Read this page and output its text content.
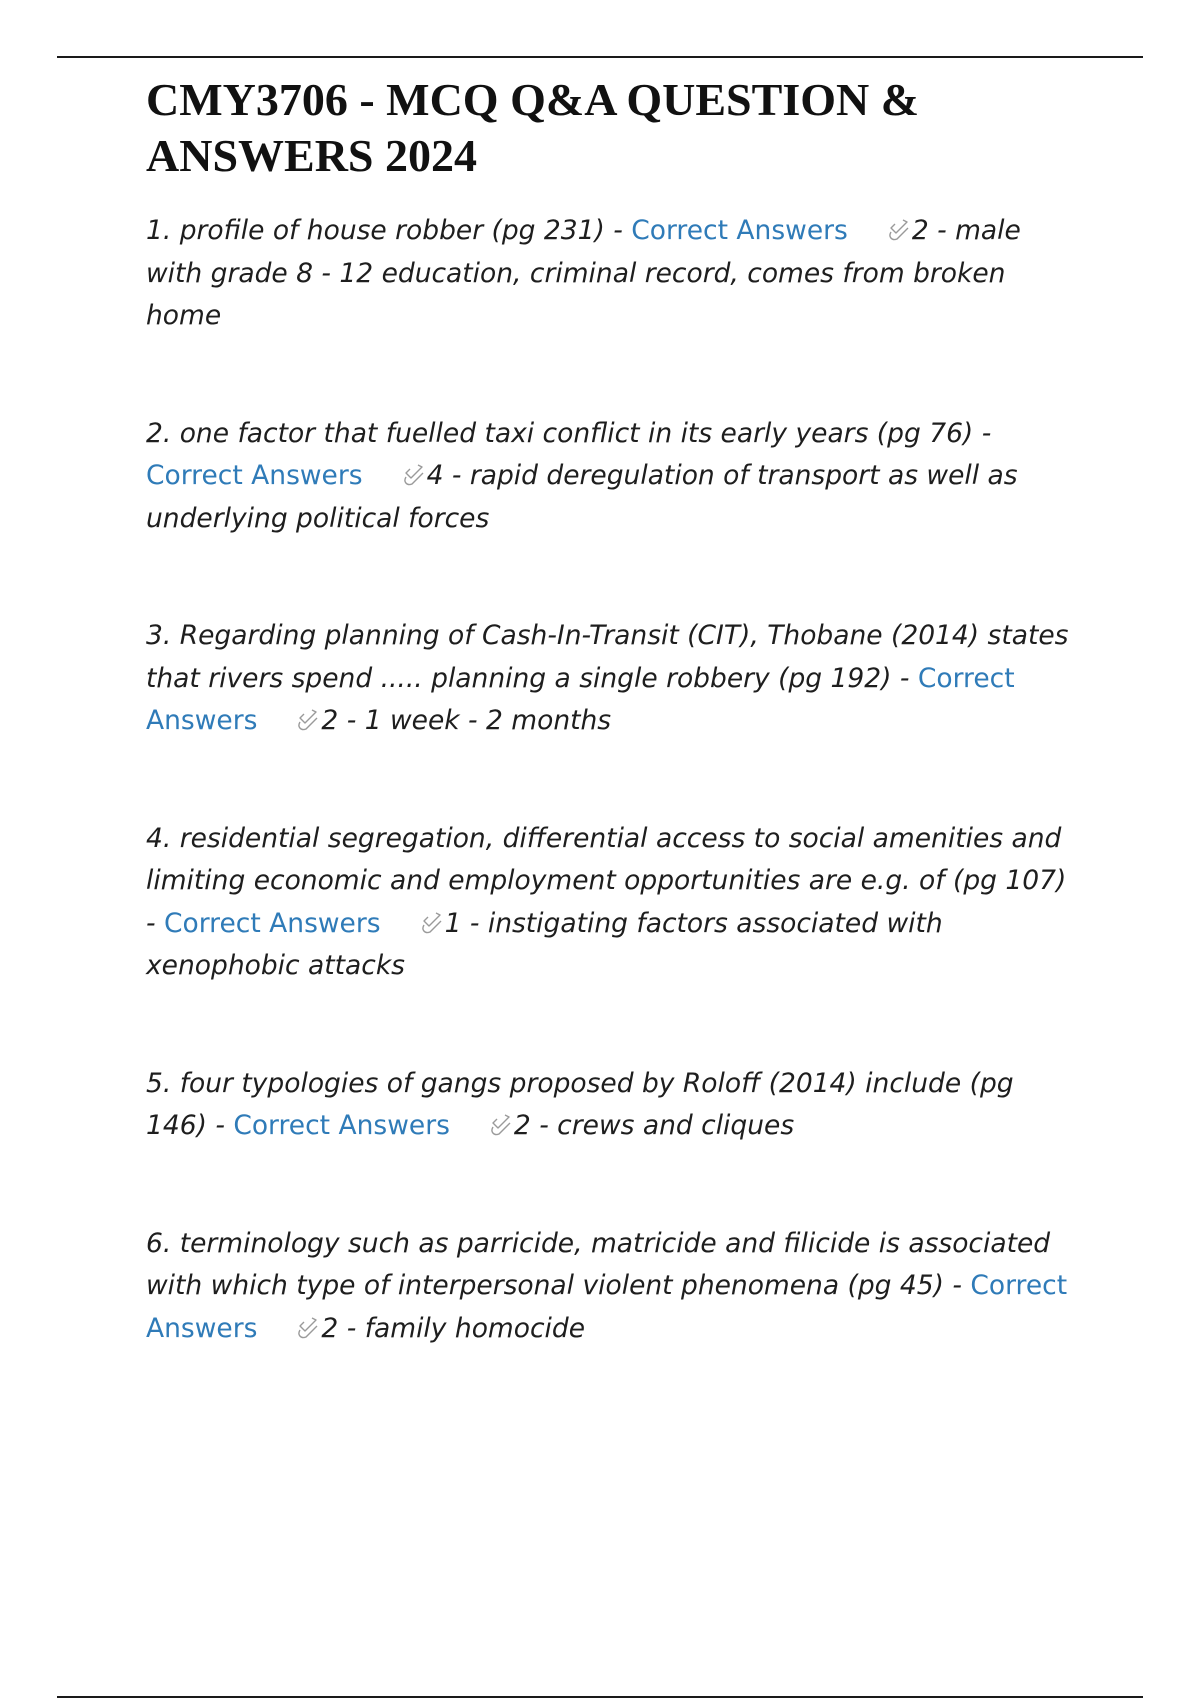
CMY3706 - MCQ Q&A QUESTION & ANSWERS 2024
1. profile of house robber (pg 231) - Correct Answers 2 - male with grade 8 - 12 education, criminal record, comes from broken home
2. one factor that fuelled taxi conflict in its early years (pg 76) - Correct Answers 4 - rapid deregulation of transport as well as underlying political forces
3. Regarding planning of Cash-In-Transit (CIT), Thobane (2014) states that rivers spend ..... planning a single robbery (pg 192) - Correct Answers 2 - 1 week - 2 months
4. residential segregation, differential access to social amenities and limiting economic and employment opportunities are e.g. of (pg 107) - Correct Answers 1 - instigating factors associated with xenophobic attacks
5. four typologies of gangs proposed by Roloff (2014) include (pg 146) - Correct Answers 2 - crews and cliques
6. terminology such as parricide, matricide and filicide is associated with which type of interpersonal violent phenomena (pg 45) - Correct Answers 2 - family homocide
